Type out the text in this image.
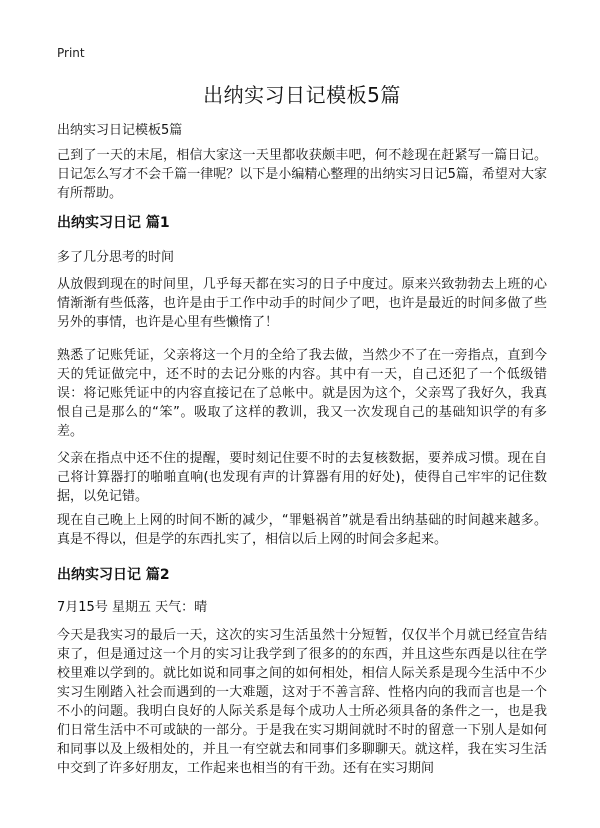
Print
出纳实习日记模板5篇
出纳实习日记模板5篇

己到了一天的末尾，相信大家这一天里都收获颇丰吧，何不趁现在赶紧写一篇日记。日记怎么写才不会千篇一律呢？以下是小编精心整理的出纳实习日记5篇，希望对大家有所帮助。

出纳实习日记 篇1
多了几分思考的时间

从放假到现在的时间里，几乎每天都在实习的日子中度过。原来兴致勃勃去上班的心情渐渐有些低落，也许是由于工作中动手的时间少了吧，也许是最近的时间多做了些另外的事情，也许是心里有些懒惰了！

熟悉了记账凭证，父亲将这一个月的全给了我去做，当然少不了在一旁指点，直到今天的凭证做完中，还不时的去记分账的内容。其中有一天，自己还犯了一个低级错误：将记账凭证中的内容直接记在了总帐中。就是因为这个，父亲骂了我好久，我真恨自己是那么的“笨”。吸取了这样的教训，我又一次发现自己的基础知识学的有多差。

父亲在指点中还不住的提醒，要时刻记住要不时的去复核数据，要养成习惯。现在自己将计算器打的啪啪直响(也发现有声的计算器有用的好处)，使得自己牢牢的记住数据，以免记错。

现在自己晚上上网的时间不断的减少，“罪魁祸首”就是看出纳基础的时间越来越多。真是不得以，但是学的东西扎实了，相信以后上网的时间会多起来。

出纳实习日记 篇2
7月15号 星期五 天气：晴

今天是我实习的最后一天，这次的实习生活虽然十分短暂，仅仅半个月就已经宣告结束了，但是通过这一个月的实习让我学到了很多的的东西，并且这些东西是以往在学校里难以学到的。就比如说和同事之间的如何相处，相信人际关系是现今生活中不少实习生刚踏入社会而遇到的一大难题，这对于不善言辞、性格内向的我而言也是一个不小的问题。我明白良好的人际关系是每个成功人士所必须具备的条件之一，也是我们日常生活中不可或缺的一部分。于是我在实习期间就时不时的留意一下别人是如何和同事以及上级相处的，并且一有空就去和同事们多聊聊天。就这样，我在实习生活中交到了许多好朋友，工作起来也相当的有干劲。还有在实习期间
